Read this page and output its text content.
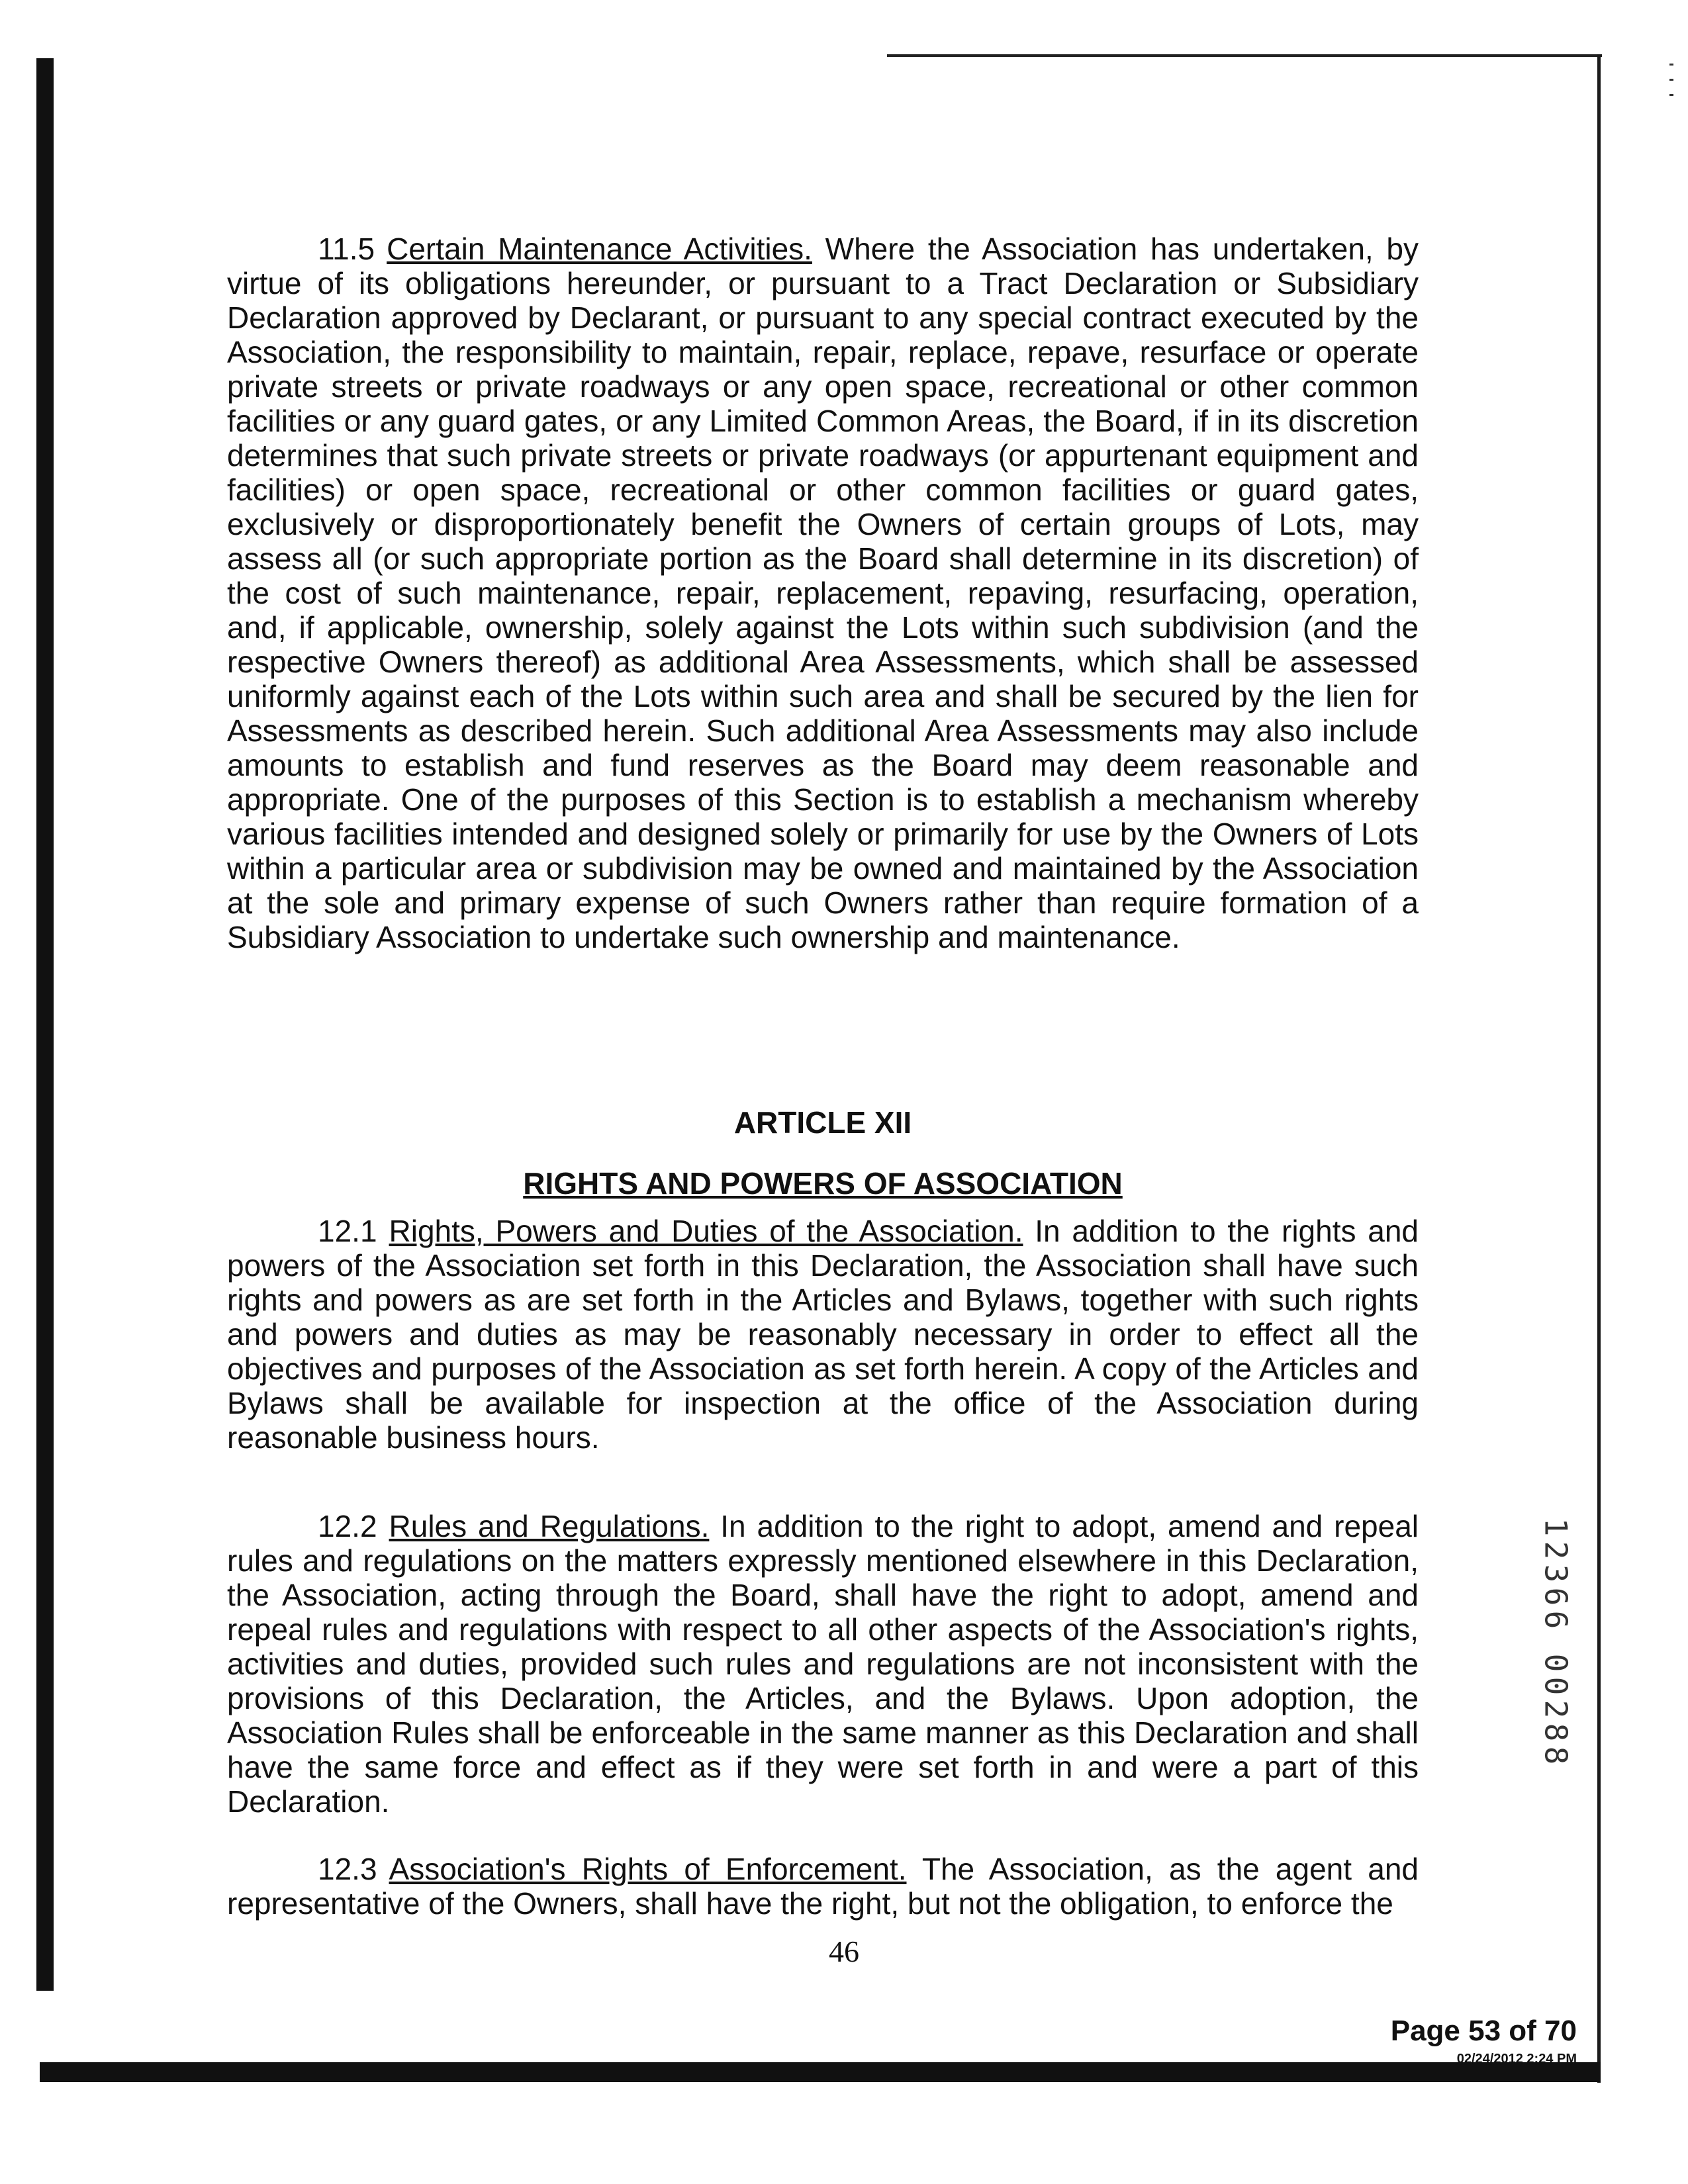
11.5 Certain Maintenance Activities. Where the Association has undertaken, by virtue of its obligations hereunder, or pursuant to a Tract Declaration or Subsidiary Declaration approved by Declarant, or pursuant to any special contract executed by the Association, the responsibility to maintain, repair, replace, repave, resurface or operate private streets or private roadways or any open space, recreational or other common facilities or any guard gates, or any Limited Common Areas, the Board, if in its discretion determines that such private streets or private roadways (or appurtenant equipment and facilities) or open space, recreational or other common facilities or guard gates, exclusively or disproportionately benefit the Owners of certain groups of Lots, may assess all (or such appropriate portion as the Board shall determine in its discretion) of the cost of such maintenance, repair, replacement, repaving, resurfacing, operation, and, if applicable, ownership, solely against the Lots within such subdivision (and the respective Owners thereof) as additional Area Assessments, which shall be assessed uniformly against each of the Lots within such area and shall be secured by the lien for Assessments as described herein. Such additional Area Assessments may also include amounts to establish and fund reserves as the Board may deem reasonable and appropriate. One of the purposes of this Section is to establish a mechanism whereby various facilities intended and designed solely or primarily for use by the Owners of Lots within a particular area or subdivision may be owned and maintained by the Association at the sole and primary expense of such Owners rather than require formation of a Subsidiary Association to undertake such ownership and maintenance.

ARTICLE XII
RIGHTS AND POWERS OF ASSOCIATION

12.1 Rights, Powers and Duties of the Association. In addition to the rights and powers of the Association set forth in this Declaration, the Association shall have such rights and powers as are set forth in the Articles and Bylaws, together with such rights and powers and duties as may be reasonably necessary in order to effect all the objectives and purposes of the Association as set forth herein. A copy of the Articles and Bylaws shall be available for inspection at the office of the Association during reasonable business hours.

12.2 Rules and Regulations. In addition to the right to adopt, amend and repeal rules and regulations on the matters expressly mentioned elsewhere in this Declaration, the Association, acting through the Board, shall have the right to adopt, amend and repeal rules and regulations with respect to all other aspects of the Association's rights, activities and duties, provided such rules and regulations are not inconsistent with the provisions of this Declaration, the Articles, and the Bylaws. Upon adoption, the Association Rules shall be enforceable in the same manner as this Declaration and shall have the same force and effect as if they were set forth in and were a part of this Declaration.

12.3 Association's Rights of Enforcement. The Association, as the agent and representative of the Owners, shall have the right, but not the obligation, to enforce the

46
Page 53 of 70
02/24/2012 2:24 PM
1
2
3
6
6
0
0
2
8
8
